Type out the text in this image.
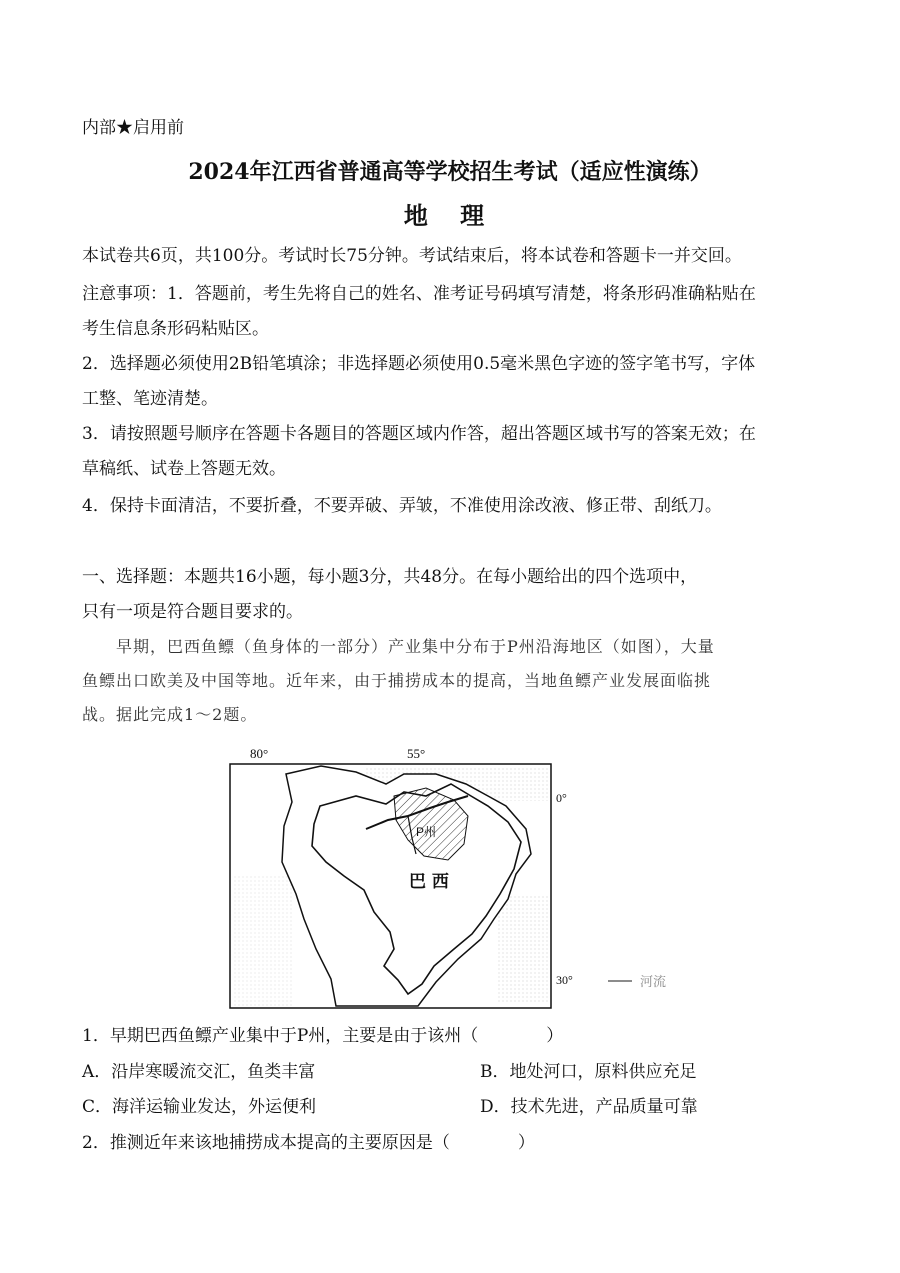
内部★启用前
2024年江西省普通高等学校招生考试（适应性演练）
地 理
本试卷共6页，共100分。考试时长75分钟。考试结束后，将本试卷和答题卡一并交回。
注意事项：1．答题前，考生先将自己的姓名、准考证号码填写清楚，将条形码准确粘贴在
考生信息条形码粘贴区。
2．选择题必须使用2B铅笔填涂；非选择题必须使用0.5毫米黑色字迹的签字笔书写，字体
工整、笔迹清楚。
3．请按照题号顺序在答题卡各题目的答题区域内作答，超出答题区域书写的答案无效；在
草稿纸、试卷上答题无效。
4．保持卡面清洁，不要折叠，不要弄破、弄皱，不准使用涂改液、修正带、刮纸刀。
一、选择题：本题共16小题，每小题3分，共48分。在每小题给出的四个选项中，
只有一项是符合题目要求的。

早期，巴西鱼鳔（鱼身体的一部分）产业集中分布于P州沿海地区（如图），大量

鱼鳔出口欧美及中国等地。近年来，由于捕捞成本的提高，当地鱼鳔产业发展面临挑

战。据此完成1～2题。

80°	55°
P州
巴 西
0°
30°	河流
1．早期巴西鱼鳔产业集中于P州，主要是由于该州（　　　　）
A．沿岸寒暖流交汇，鱼类丰富	B．地处河口，原料供应充足
C．海洋运输业发达，外运便利	D．技术先进，产品质量可靠
2．推测近年来该地捕捞成本提高的主要原因是（　　　　）
